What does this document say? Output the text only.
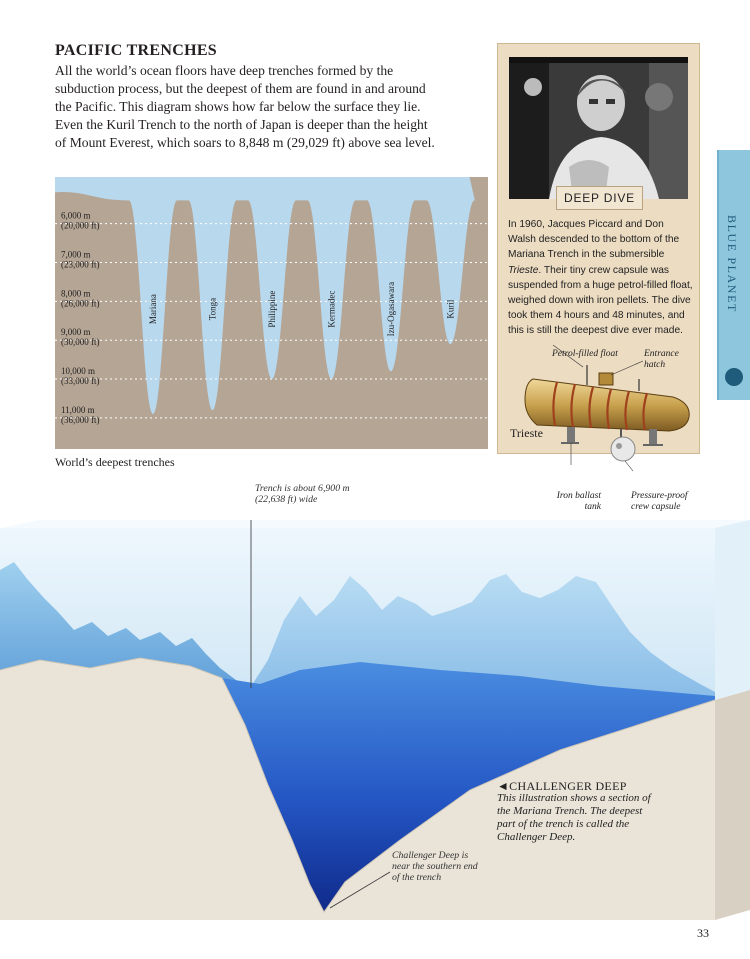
PACIFIC TRENCHES

All the world’s ocean floors have deep trenches formed by the subduction process, but the deepest of them are found in and around the Pacific. This diagram shows how far below the surface they lie. Even the Kuril Trench to the north of Japan is deeper than the height of Mount Everest, which soars to 8,848 m (29,029 ft) above sea level.

6,000 m
(20,000 ft)
7,000 m
(23,000 ft)
8,000 m
(26,000 ft)
9,000 m
(30,000 ft)
10,000 m
(33,000 ft)
11,000 m
(36,000 ft)
Mariana	Tonga	Philippine	Kermadec	Izu-Ogasawara	Kuril
World’s deepest trenches
DEEP DIVE
In 1960, Jacques Piccard and Don Walsh descended to the bottom of the Mariana Trench in the submersible Trieste. Their tiny crew capsule was suspended from a huge petrol-filled float, weighed down with iron pellets. The dive took them 4 hours and 48 minutes, and this is still the deepest dive ever made.
Trieste
Petrol-filled float	Entrance hatch
Iron ballast tank
Pressure-proof crew capsule
BLUE PLANET
Trench is about 6,900 m (22,638 ft) wide
Challenger Deep is near the southern end of the trench
◄CHALLENGER DEEP
This illustration shows a section of the Mariana Trench. The deepest part of the trench is called the Challenger Deep.
33
